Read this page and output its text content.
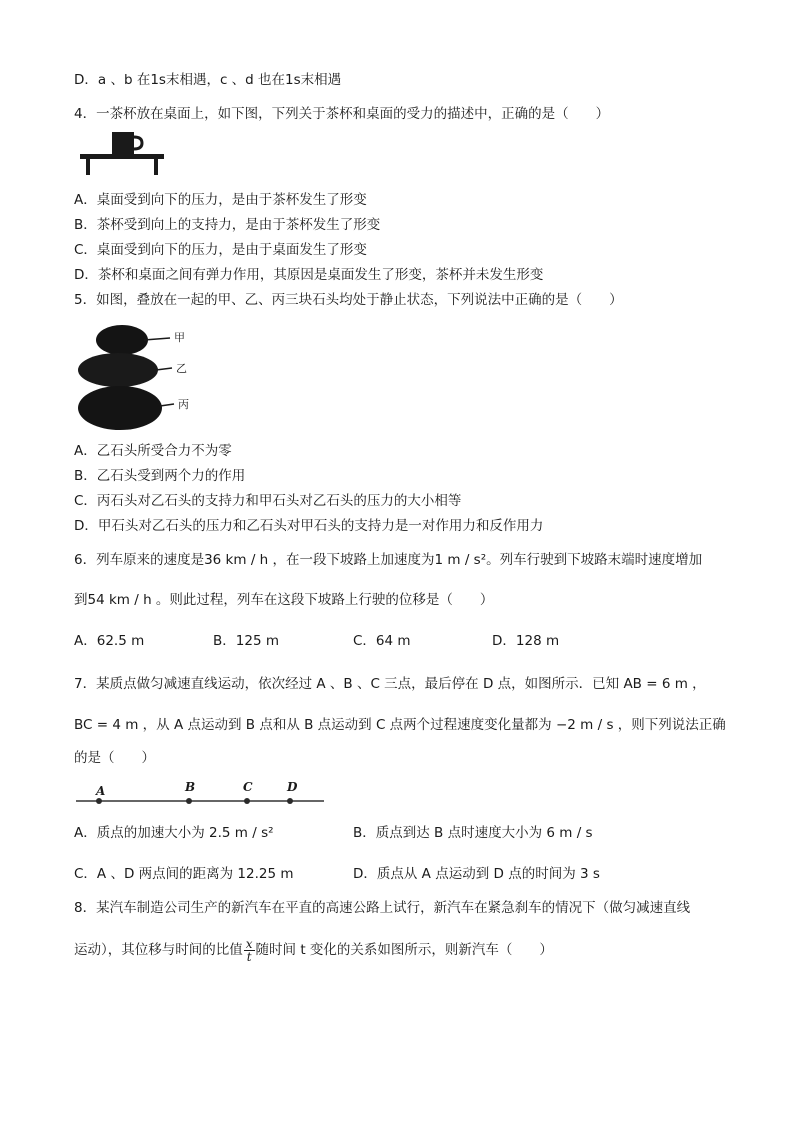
D．a 、b 在1s末相遇，c 、d 也在1s末相遇
4．一茶杯放在桌面上，如下图，下列关于茶杯和桌面的受力的描述中，正确的是（　　）
A．桌面受到向下的压力，是由于茶杯发生了形变
B．茶杯受到向上的支持力，是由于茶杯发生了形变
C．桌面受到向下的压力，是由于桌面发生了形变
D．茶杯和桌面之间有弹力作用，其原因是桌面发生了形变，茶杯并未发生形变
5．如图，叠放在一起的甲、乙、丙三块石头均处于静止状态，下列说法中正确的是（　　）
甲
乙
丙
A．乙石头所受合力不为零
B．乙石头受到两个力的作用
C．丙石头对乙石头的支持力和甲石头对乙石头的压力的大小相等
D．甲石头对乙石头的压力和乙石头对甲石头的支持力是一对作用力和反作用力
6．列车原来的速度是36 km / h ，在一段下坡路上加速度为1 m / s²。列车行驶到下坡路末端时速度增加
到54 km / h 。则此过程，列车在这段下坡路上行驶的位移是（　　）
A．62.5 m	B．125 m	C．64 m	D．128 m
7．某质点做匀减速直线运动，依次经过 A 、B 、C 三点，最后停在 D 点，如图所示．已知 AB = 6 m ，
BC = 4 m ，从 A 点运动到 B 点和从 B 点运动到 C 点两个过程速度变化量都为 −2 m / s ，则下列说法正确
的是（　　）
A	B	C	D
A．质点的加速大小为 2.5 m / s²	B．质点到达 B 点时速度大小为 6 m / s
C．A 、D 两点间的距离为 12.25 m	D．质点从 A 点运动到 D 点的时间为 3 s
8．某汽车制造公司生产的新汽车在平直的高速公路上试行，新汽车在紧急刹车的情况下（做匀减速直线
运动），其位移与时间的比值 $\frac{x}{t}$ 随时间 t 变化的关系如图所示，则新汽车（　　）
